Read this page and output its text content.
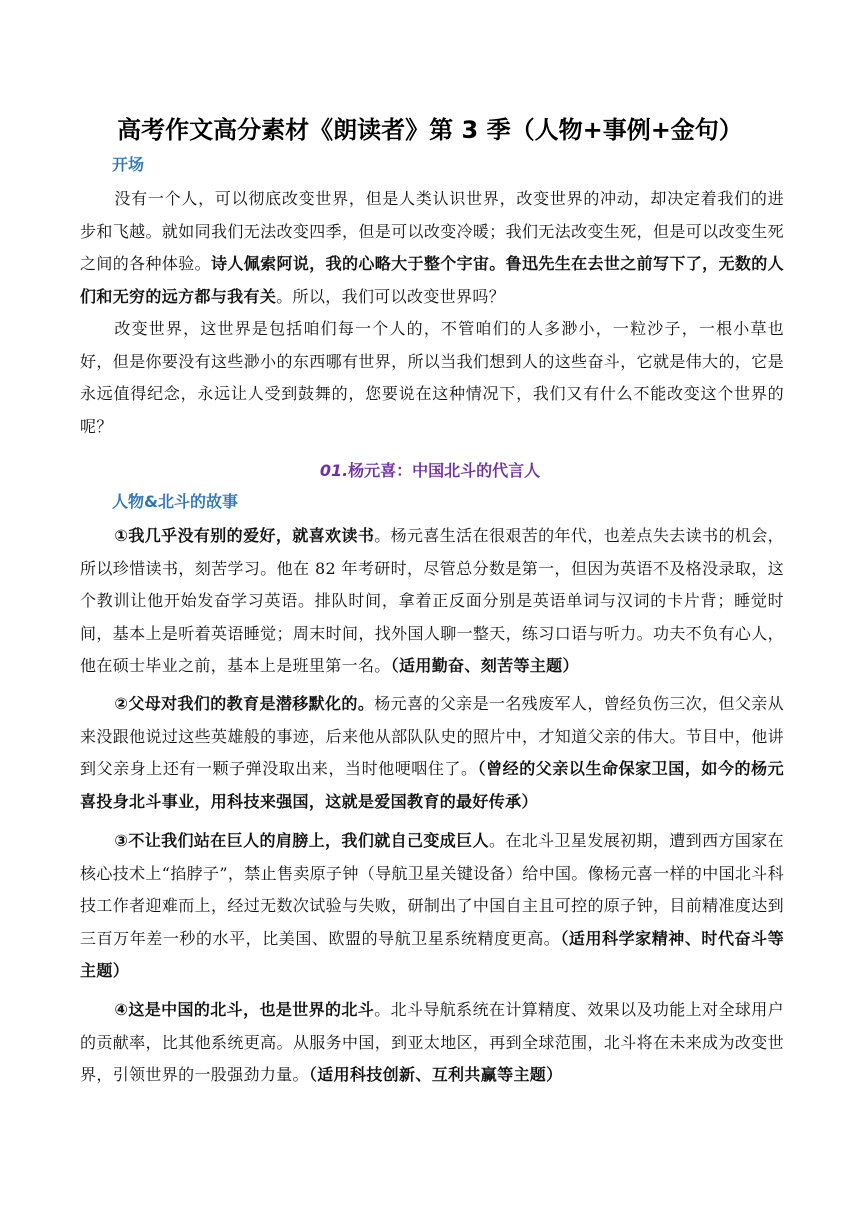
高考作文高分素材《朗读者》第 3 季（人物+事例+金句）
开场

没有一个人，可以彻底改变世界，但是人类认识世界，改变世界的冲动，却决定着我们的进步和飞越。就如同我们无法改变四季，但是可以改变冷暖；我们无法改变生死，但是可以改变生死之间的各种体验。诗人佩索阿说，我的心略大于整个宇宙。鲁迅先生在去世之前写下了，无数的人们和无穷的远方都与我有关。所以，我们可以改变世界吗？

改变世界，这世界是包括咱们每一个人的，不管咱们的人多渺小，一粒沙子，一根小草也好，但是你要没有这些渺小的东西哪有世界，所以当我们想到人的这些奋斗，它就是伟大的，它是永远值得纪念，永远让人受到鼓舞的，您要说在这种情况下，我们又有什么不能改变这个世界的呢？

01.杨元喜：中国北斗的代言人
人物&北斗的故事

①我几乎没有别的爱好，就喜欢读书。杨元喜生活在很艰苦的年代，也差点失去读书的机会，所以珍惜读书，刻苦学习。他在 82 年考研时，尽管总分数是第一，但因为英语不及格没录取，这个教训让他开始发奋学习英语。排队时间，拿着正反面分别是英语单词与汉词的卡片背；睡觉时间，基本上是听着英语睡觉；周末时间，找外国人聊一整天，练习口语与听力。功夫不负有心人，他在硕士毕业之前，基本上是班里第一名。（适用勤奋、刻苦等主题）

②父母对我们的教育是潜移默化的。杨元喜的父亲是一名残废军人，曾经负伤三次，但父亲从来没跟他说过这些英雄般的事迹，后来他从部队队史的照片中，才知道父亲的伟大。节目中，他讲到父亲身上还有一颗子弹没取出来，当时他哽咽住了。（曾经的父亲以生命保家卫国，如今的杨元喜投身北斗事业，用科技来强国，这就是爱国教育的最好传承）

③不让我们站在巨人的肩膀上，我们就自己变成巨人。在北斗卫星发展初期，遭到西方国家在核心技术上“掐脖子”，禁止售卖原子钟（导航卫星关键设备）给中国。像杨元喜一样的中国北斗科技工作者迎难而上，经过无数次试验与失败，研制出了中国自主且可控的原子钟，目前精准度达到三百万年差一秒的水平，比美国、欧盟的导航卫星系统精度更高。（适用科学家精神、时代奋斗等主题）

④这是中国的北斗，也是世界的北斗。北斗导航系统在计算精度、效果以及功能上对全球用户的贡献率，比其他系统更高。从服务中国，到亚太地区，再到全球范围，北斗将在未来成为改变世界，引领世界的一股强劲力量。（适用科技创新、互利共赢等主题）
